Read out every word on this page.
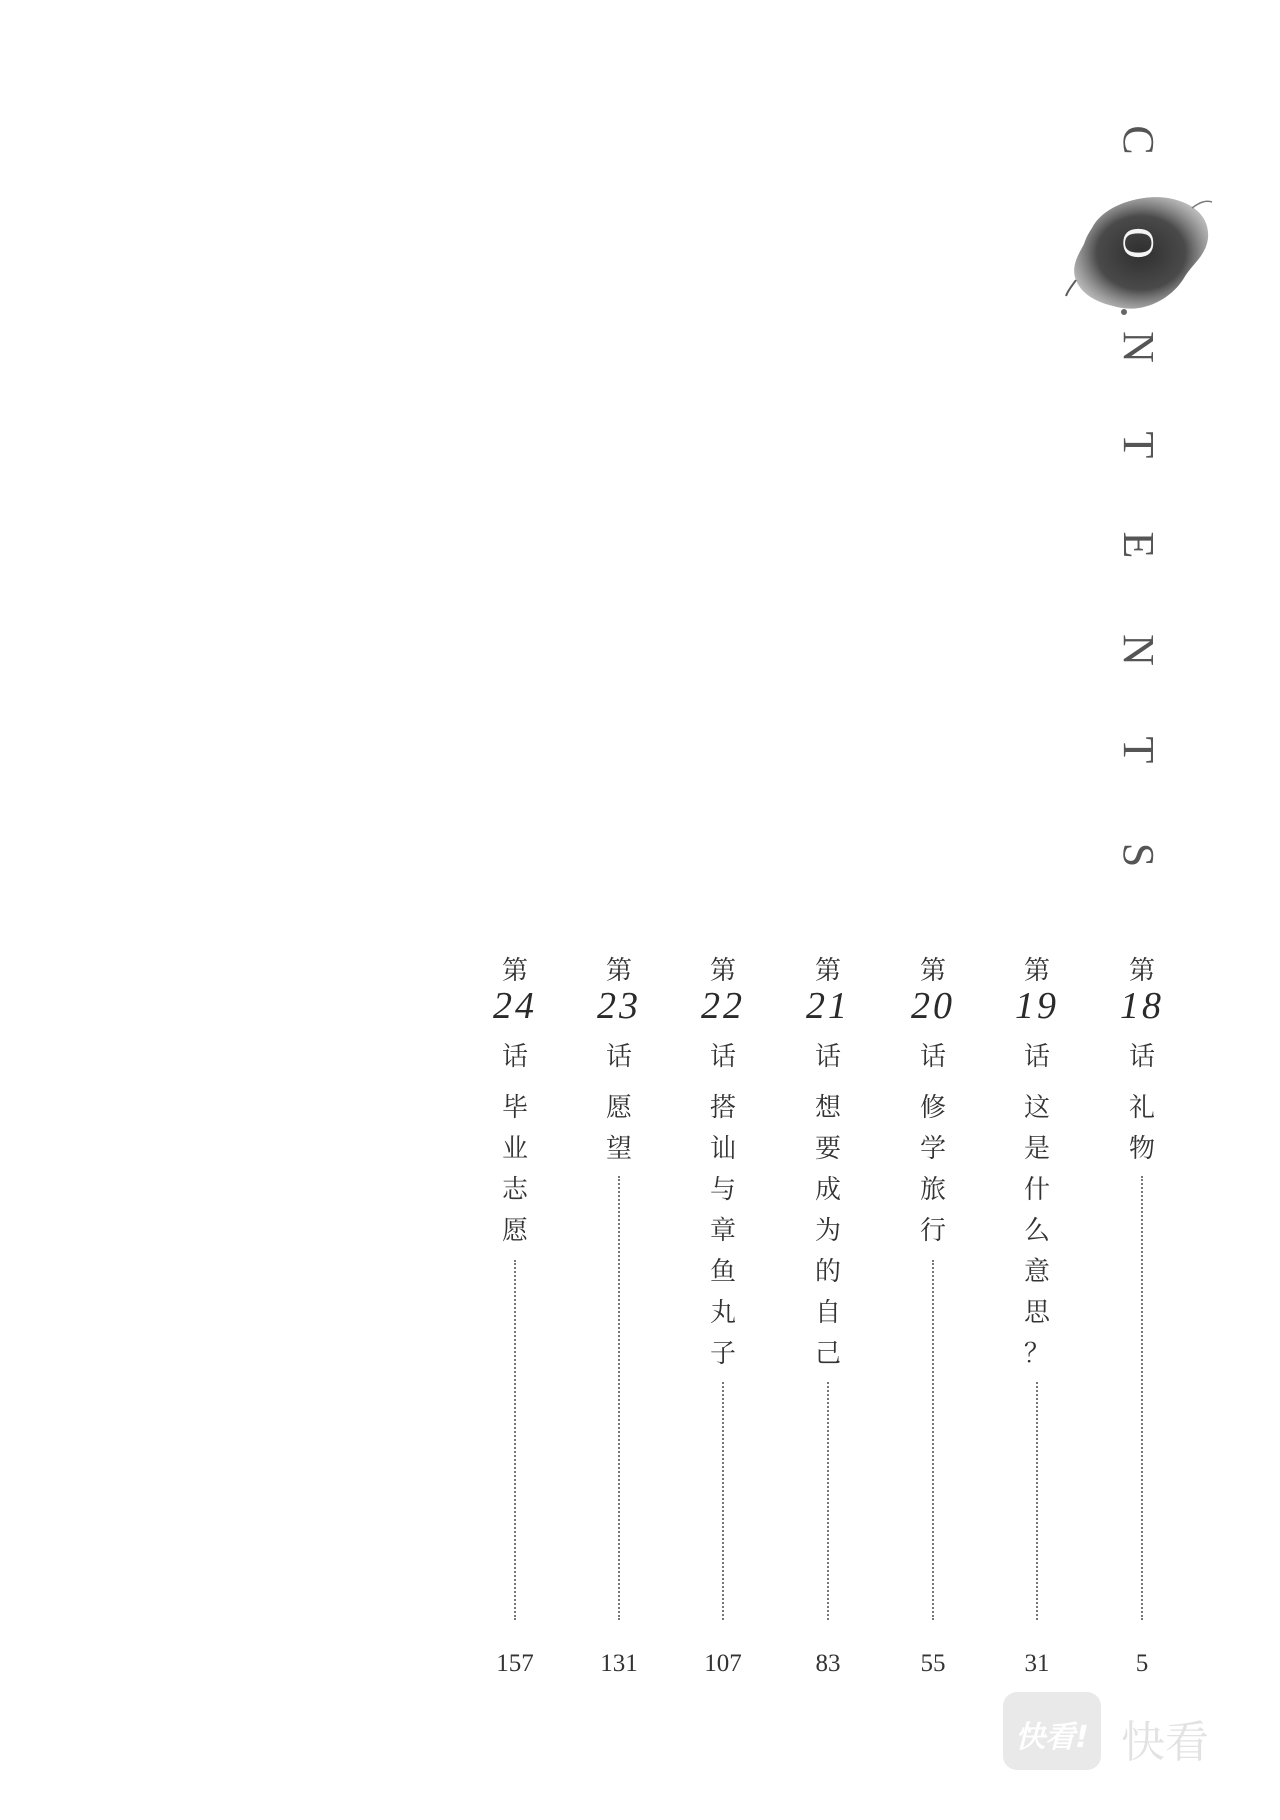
C
O
N
T
E
N
T
S
第
18
话
礼
物
5
第
19
话
这
是
什
么
意
思
？
31
第
20
话
修
学
旅
行
55
第
21
话
想
要
成
为
的
自
己
83
第
22
话
搭
讪
与
章
鱼
丸
子
107
第
23
话
愿
望
131
第
24
话
毕
业
志
愿
157
快看! 快看
